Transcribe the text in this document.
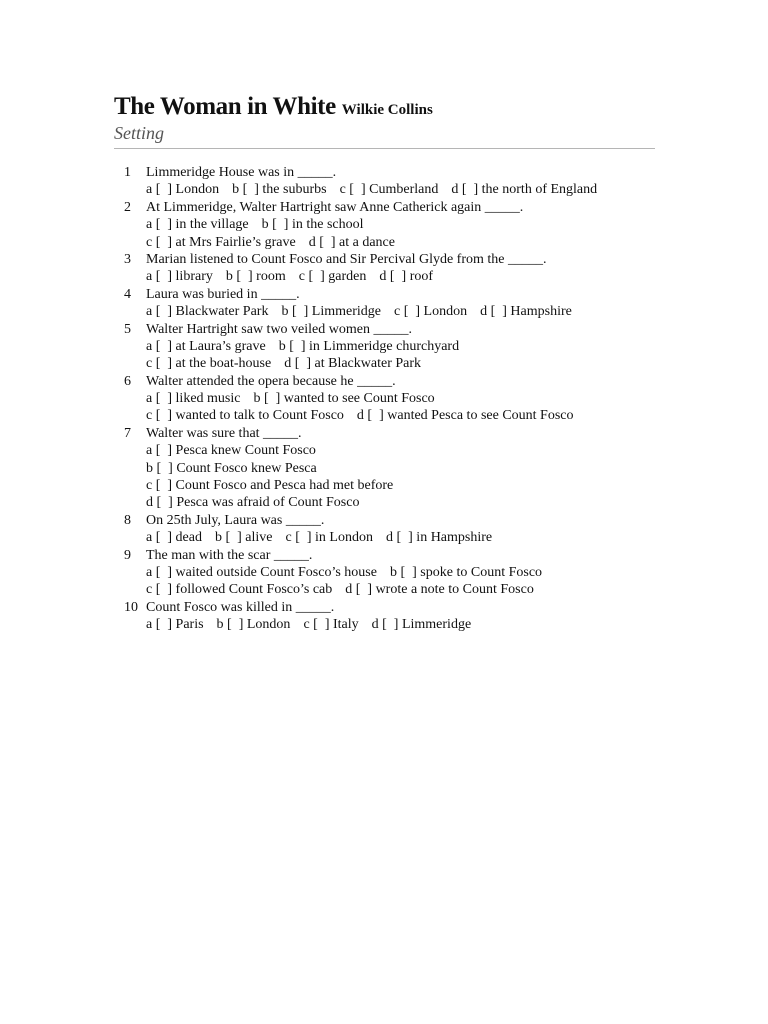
The Woman in White Wilkie Collins
Setting
1	Limmeridge House was in _____.
a [  ] London b [  ] the suburbs c [  ] Cumberland d [  ] the north of England
2	At Limmeridge, Walter Hartright saw Anne Catherick again _____.
a [  ] in the village b [  ] in the school
c [  ] at Mrs Fairlie’s grave d [  ] at a dance
3	Marian listened to Count Fosco and Sir Percival Glyde from the _____.
a [  ] library b [  ] room c [  ] garden d [  ] roof
4	Laura was buried in _____.
a [  ] Blackwater Park b [  ] Limmeridge c [  ] London d [  ] Hampshire
5	Walter Hartright saw two veiled women _____.
a [  ] at Laura’s grave b [  ] in Limmeridge churchyard
c [  ] at the boat-house d [  ] at Blackwater Park
6	Walter attended the opera because he _____.
a [  ] liked music b [  ] wanted to see Count Fosco
c [  ] wanted to talk to Count Fosco d [  ] wanted Pesca to see Count Fosco
7	Walter was sure that _____.
a [  ] Pesca knew Count Fosco
b [  ] Count Fosco knew Pesca
c [  ] Count Fosco and Pesca had met before
d [  ] Pesca was afraid of Count Fosco
8	On 25th July, Laura was _____.
a [  ] dead b [  ] alive c [  ] in London d [  ] in Hampshire
9	The man with the scar _____.
a [  ] waited outside Count Fosco’s house b [  ] spoke to Count Fosco
c [  ] followed Count Fosco’s cab d [  ] wrote a note to Count Fosco
10 Count Fosco was killed in _____.
a [  ] Paris b [  ] London c [  ] Italy d [  ] Limmeridge
